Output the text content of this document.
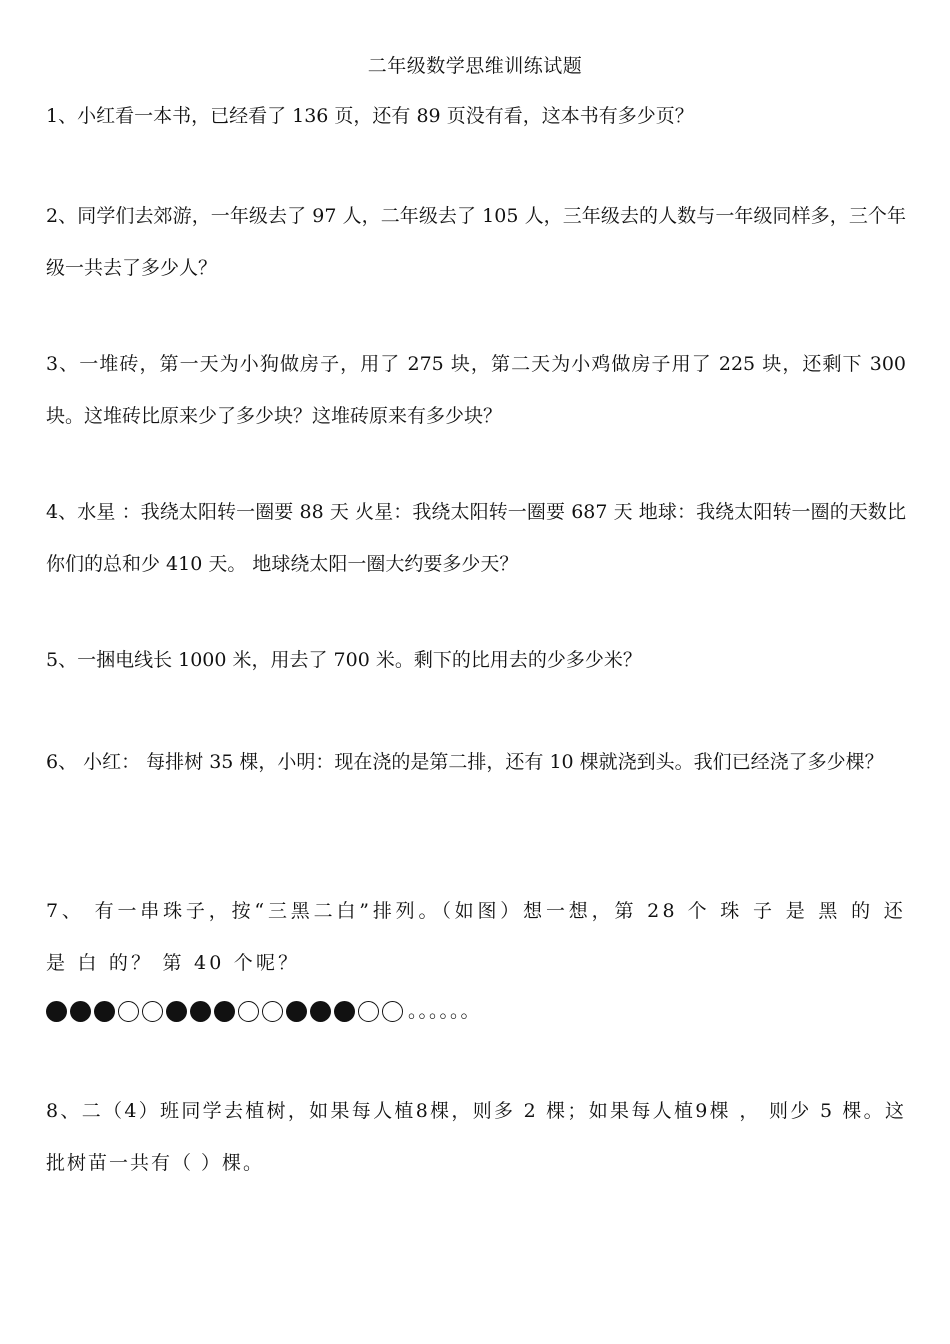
二年级数学思维训练试题

1、小红看一本书，已经看了 136 页，还有 89 页没有看，这本书有多少页？

2、同学们去郊游，一年级去了 97 人，二年级去了 105 人，三年级去的人数与一年级同样多，三个年级一共去了多少人？

3、一堆砖，第一天为小狗做房子，用了 275 块，第二天为小鸡做房子用了 225 块，还剩下 300 块。这堆砖比原来少了多少块？这堆砖原来有多少块？

4、水星 ：我绕太阳转一圈要 88 天 火星：我绕太阳转一圈要 687 天 地球：我绕太阳转一圈的天数比你们的总和少 410 天。 地球绕太阳一圈大约要多少天？

5、一捆电线长 1000 米，用去了 700 米。剩下的比用去的少多少米？

6、 小红： 每排树 35 棵，小明：现在浇的是第二排，还有 10 棵就浇到头。我们已经浇了多少棵？

7、 有一串珠子，按“三黑二白”排列。（如图）想一想，第 28 个 珠 子 是 黑 的 还 是 白 的？ 第 40 个呢？

。。。。。。

8、二（4）班同学去植树，如果每人植8棵，则多 2 棵；如果每人植9棵 ， 则少 5 棵。这批树苗一共有（ ）棵。
